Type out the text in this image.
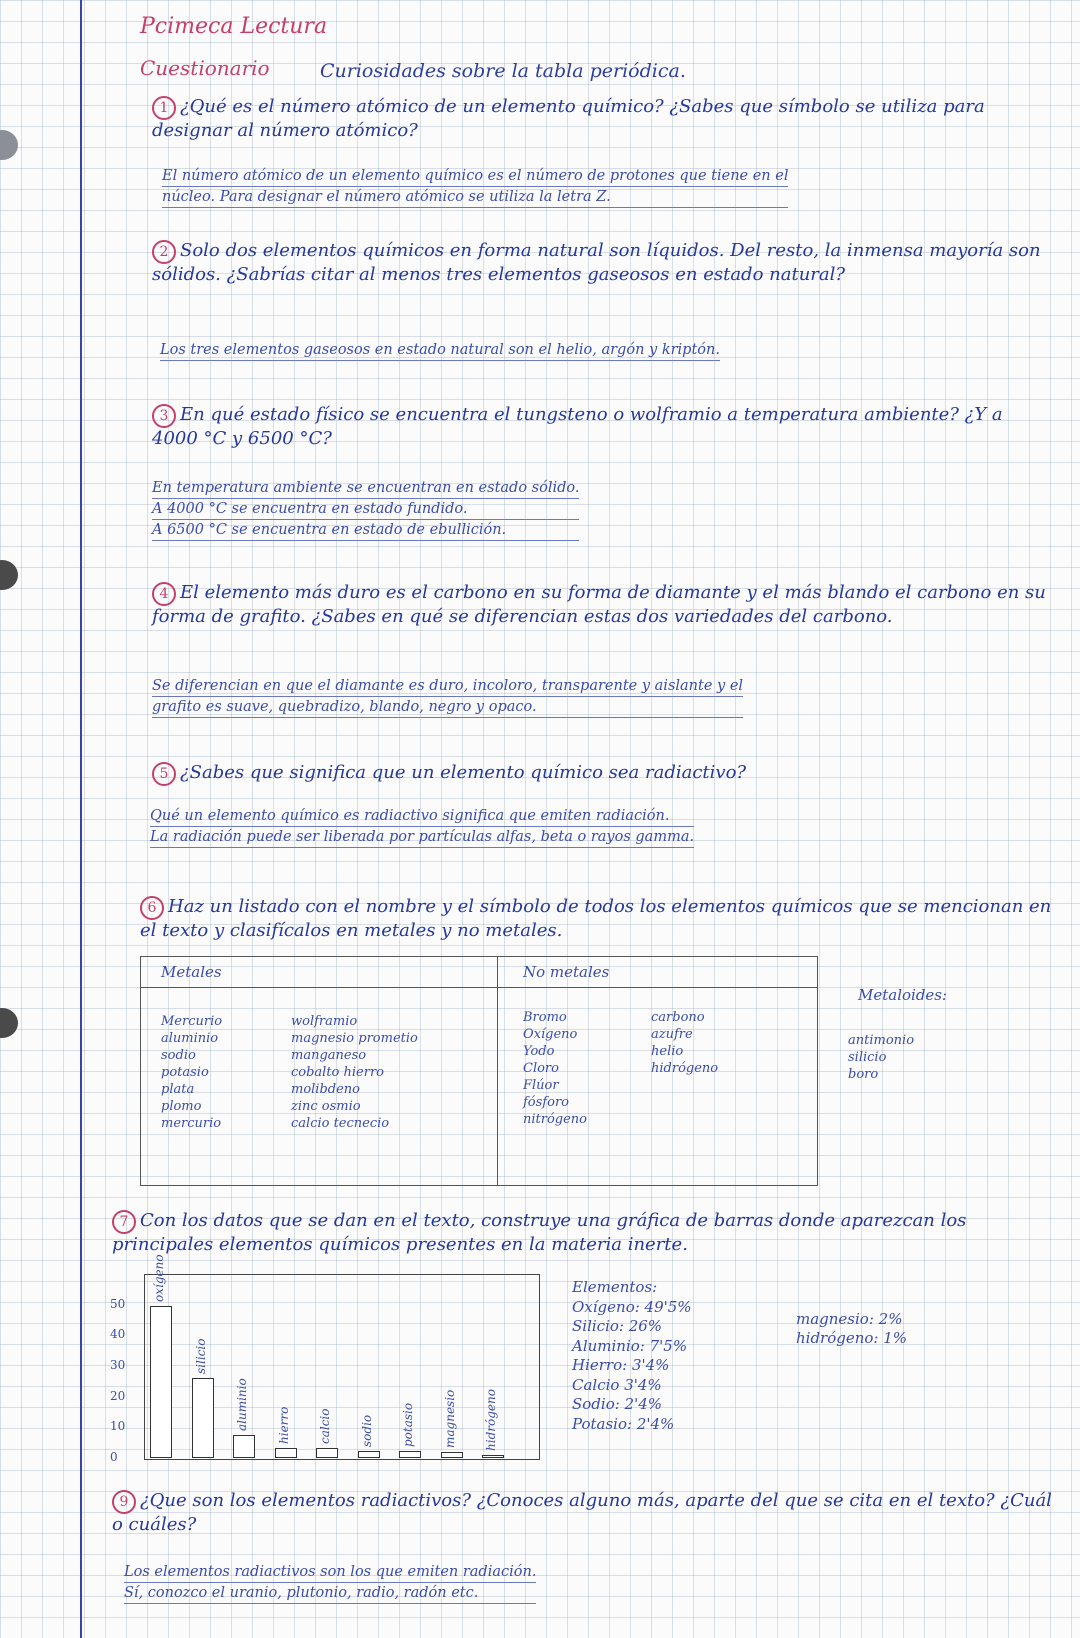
Pcimeca Lectura
Cuestionario	Curiosidades sobre la tabla periódica.
1 ¿Qué es el número atómico de un elemento químico? ¿Sabes que símbolo se utiliza para designar al número atómico?
El número atómico de un elemento químico es el número de protones que tiene en el
núcleo. Para designar el número atómico se utiliza la letra Z.
2 Solo dos elementos químicos en forma natural son líquidos. Del resto, la inmensa mayoría son sólidos. ¿Sabrías citar al menos tres elementos gaseosos en estado natural?
Los tres elementos gaseosos en estado natural son el helio, argón y kriptón.
3 En qué estado físico se encuentra el tungsteno o wolframio a temperatura ambiente? ¿Y a 4000 °C y 6500 °C?
En temperatura ambiente se encuentran en estado sólido.
A 4000 °C se encuentra en estado fundido.
A 6500 °C se encuentra en estado de ebullición.
4 El elemento más duro es el carbono en su forma de diamante y el más blando el carbono en su forma de grafito. ¿Sabes en qué se diferencian estas dos variedades del carbono.
Se diferencian en que el diamante es duro, incoloro, transparente y aislante y el
grafito es suave, quebradizo, blando, negro y opaco.
5 ¿Sabes que significa que un elemento químico sea radiactivo?
Qué un elemento químico es radiactivo significa que emiten radiación.
La radiación puede ser liberada por partículas alfas, beta o rayos gamma.
6 Haz un listado con el nombre y el símbolo de todos los elementos químicos que se mencionan en el texto y clasifícalos en metales y no metales.
Metales	No metales
Mercurio
aluminio
sodio
potasio
plata
plomo
mercurio
wolframio
magnesio prometio
manganeso
cobalto hierro
molibdeno
zinc osmio
calcio tecnecio
Bromo
Oxígeno
Yodo
Cloro
Flúor
fósforo
nitrógeno
carbono
azufre
helio
hidrógeno
Metaloides:
antimonio
silicio
boro
7 Con los datos que se dan en el texto, construye una gráfica de barras donde aparezcan los principales elementos químicos presentes en la materia inerte.
50
40
30
20
10
0
oxígeno
silicio
aluminio hierro calcio sodio potasio magnesio hidrógeno
Elementos:
Oxígeno: 49'5%
Silicio: 26%
Aluminio: 7'5%
Hierro: 3'4%
Calcio 3'4%
Sodio: 2'4%
Potasio: 2'4%
magnesio: 2%
hidrógeno: 1%
9 ¿Que son los elementos radiactivos? ¿Conoces alguno más, aparte del que se cita en el texto? ¿Cuál o cuáles?
Los elementos radiactivos son los que emiten radiación.
Sí, conozco el uranio, plutonio, radio, radón etc.
